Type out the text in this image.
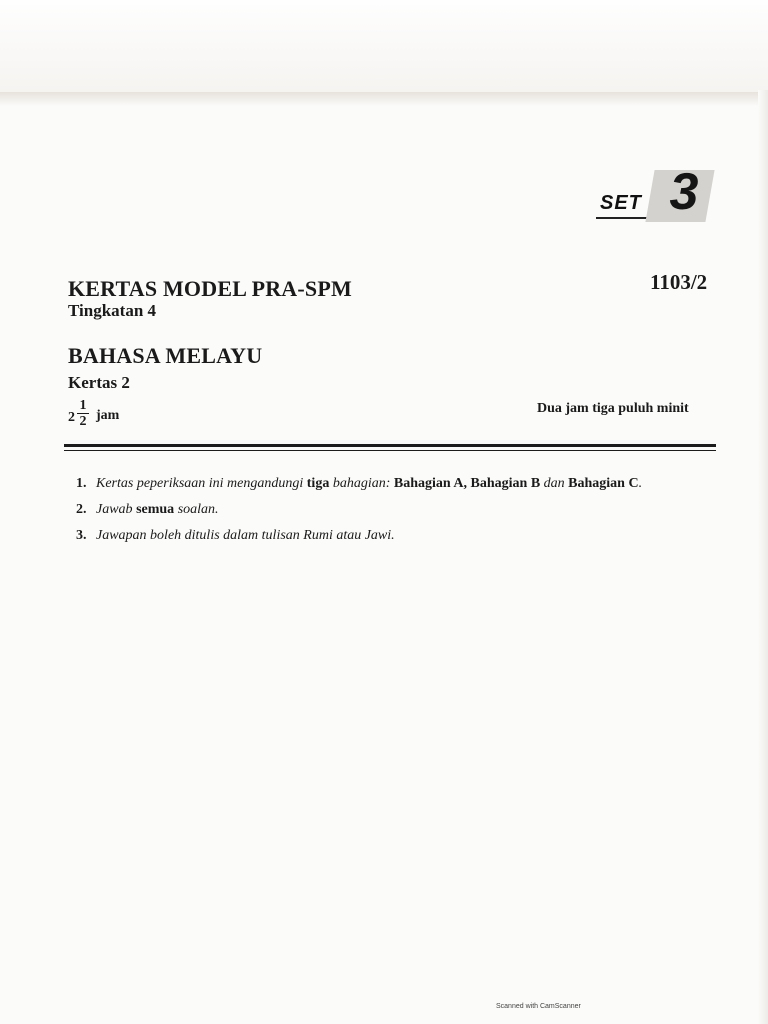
SET 3
KERTAS MODEL PRA-SPM	1103/2
Tingkatan 4
BAHASA MELAYU
Kertas 2
2
1
2 jam	Dua jam tiga puluh minit
1. Kertas peperiksaan ini mengandungi tiga bahagian: Bahagian A, Bahagian B dan Bahagian C.
2. Jawab semua soalan.
3. Jawapan boleh ditulis dalam tulisan Rumi atau Jawi.
Scanned with CamScanner
